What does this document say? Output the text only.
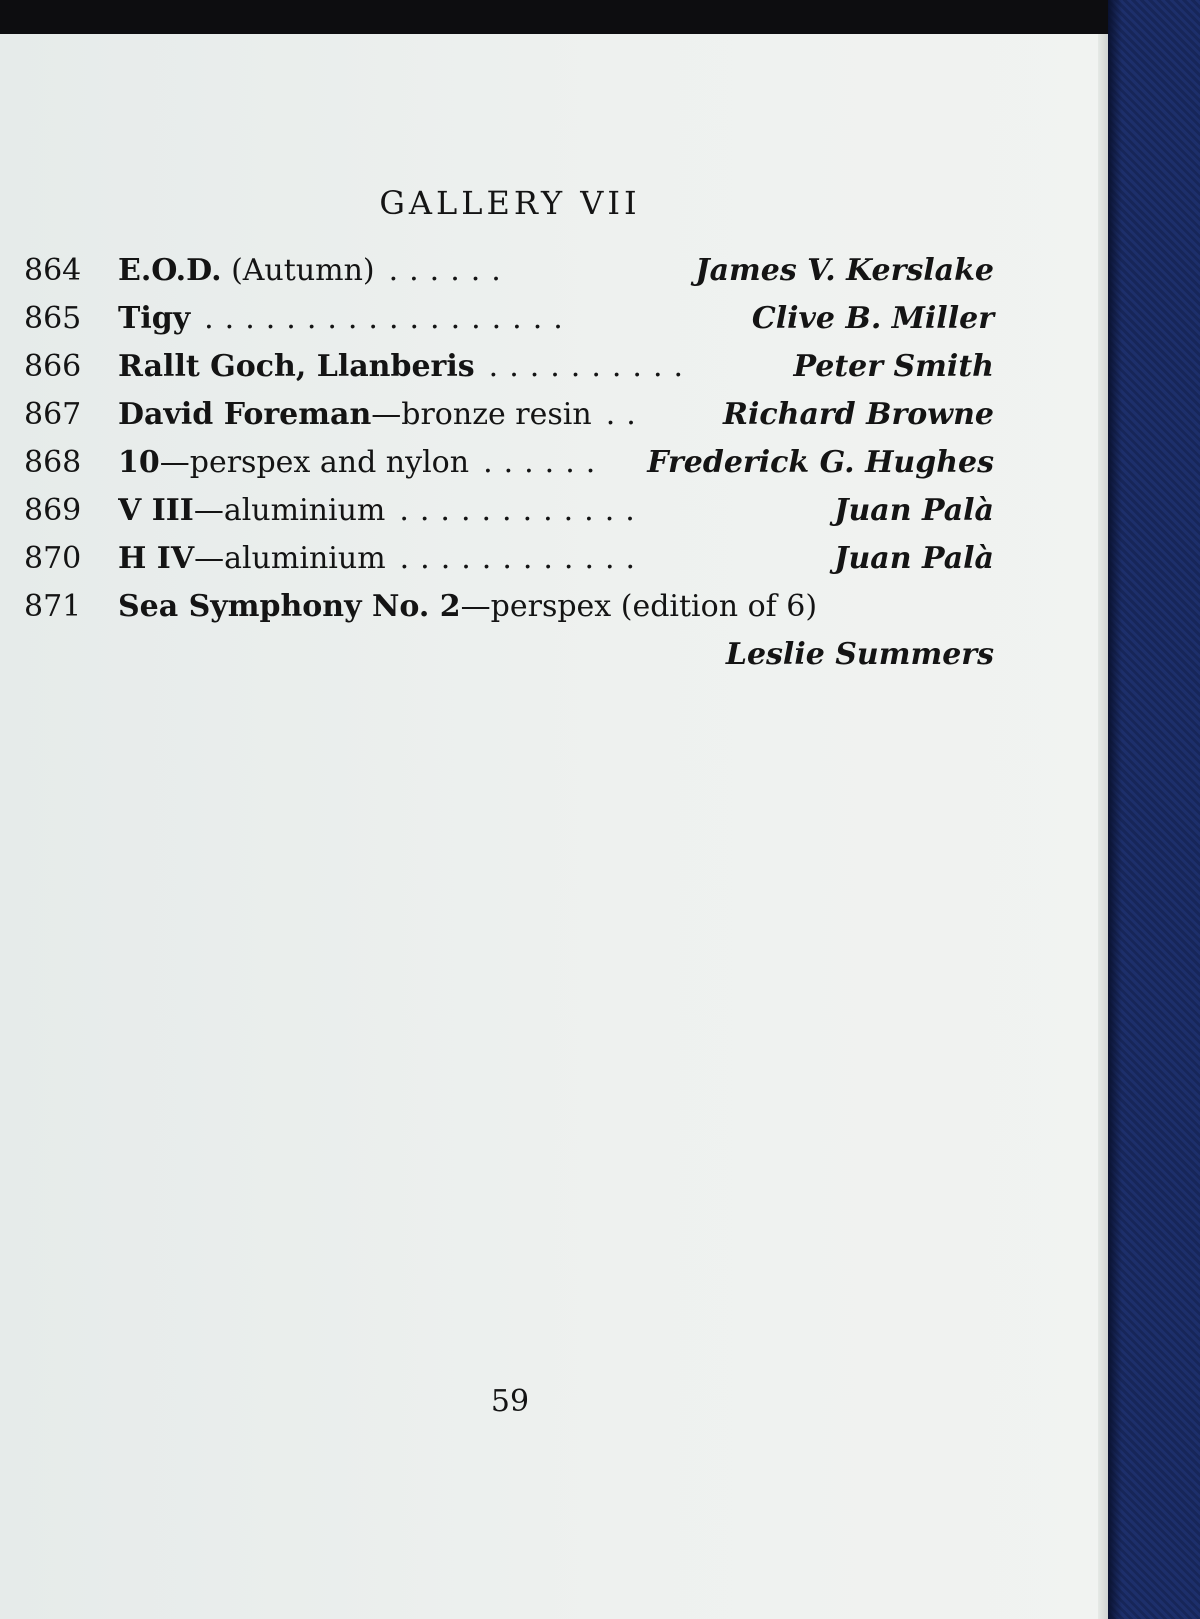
GALLERY VII
864 E.O.D. (Autumn) ......	James V. Kerslake
865 Tigy ..................	Clive B. Miller
866 Rallt Goch, Llanberis ..........	Peter Smith
867 David Foreman—bronze resin ..	Richard Browne
868 10—perspex and nylon ......	Frederick G. Hughes
869 V III—aluminium ............	Juan Palà
870 H IV—aluminium ............	Juan Palà
871 Sea Symphony No. 2—perspex (edition of 6)
Leslie Summers
59
